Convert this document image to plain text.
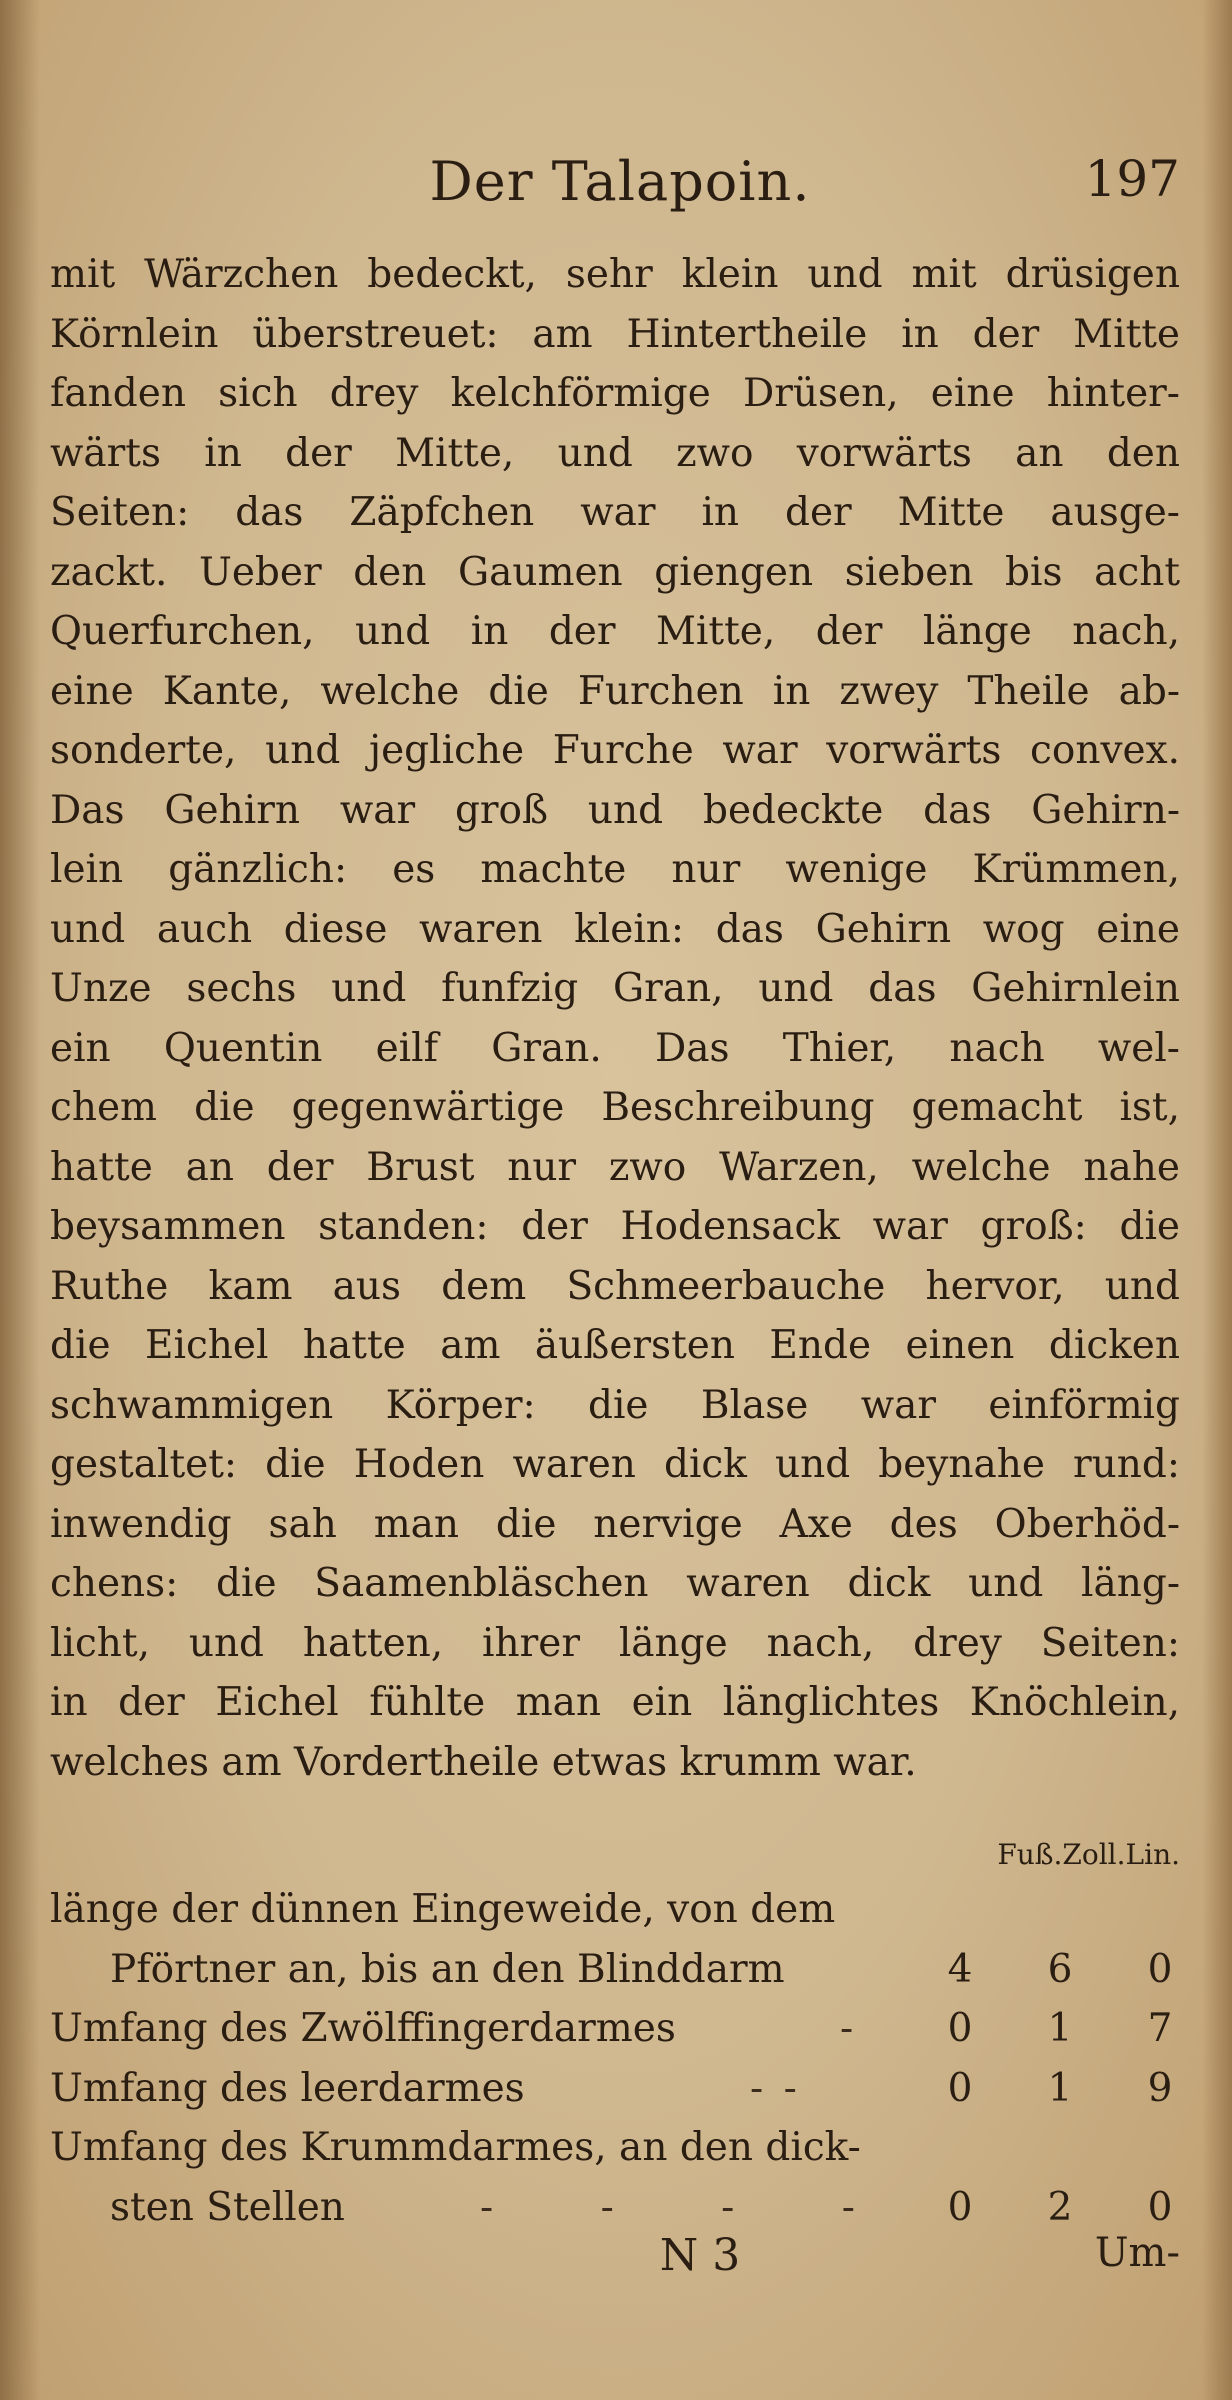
Der Talapoin.	197
mit Wärzchen bedeckt, sehr klein und mit drüsigen
Körnlein überstreuet: am Hintertheile in der Mitte
fanden sich drey kelchförmige Drüsen, eine hinter-
wärts in der Mitte, und zwo vorwärts an den
Seiten: das Zäpfchen war in der Mitte ausge-
zackt. Ueber den Gaumen giengen sieben bis acht
Querfurchen, und in der Mitte, der länge nach,
eine Kante, welche die Furchen in zwey Theile ab-
sonderte, und jegliche Furche war vorwärts convex.
Das Gehirn war groß und bedeckte das Gehirn-
lein gänzlich: es machte nur wenige Krümmen,
und auch diese waren klein: das Gehirn wog eine
Unze sechs und funfzig Gran, und das Gehirnlein
ein Quentin eilf Gran. Das Thier, nach wel-
chem die gegenwärtige Beschreibung gemacht ist,
hatte an der Brust nur zwo Warzen, welche nahe
beysammen standen: der Hodensack war groß: die
Ruthe kam aus dem Schmeerbauche hervor, und
die Eichel hatte am äußersten Ende einen dicken
schwammigen Körper: die Blase war einförmig
gestaltet: die Hoden waren dick und beynahe rund:
inwendig sah man die nervige Axe des Oberhöd-
chens: die Saamenbläschen waren dick und läng-
licht, und hatten, ihrer länge nach, drey Seiten:
in der Eichel fühlte man ein länglichtes Knöchlein,
welches am Vordertheile etwas krumm war.
Fuß.Zoll.Lin.
länge der dünnen Eingeweide, von dem
Pförtner an, bis an den Blinddarm	4	6	0
Umfang des Zwölffingerdarmes	-	0	1	7
Umfang des leerdarmes	- -	0	1	9
Umfang des Krummdarmes, an den dick-
sten Stellen	- - - -	0	2	0
N 3	Um-
